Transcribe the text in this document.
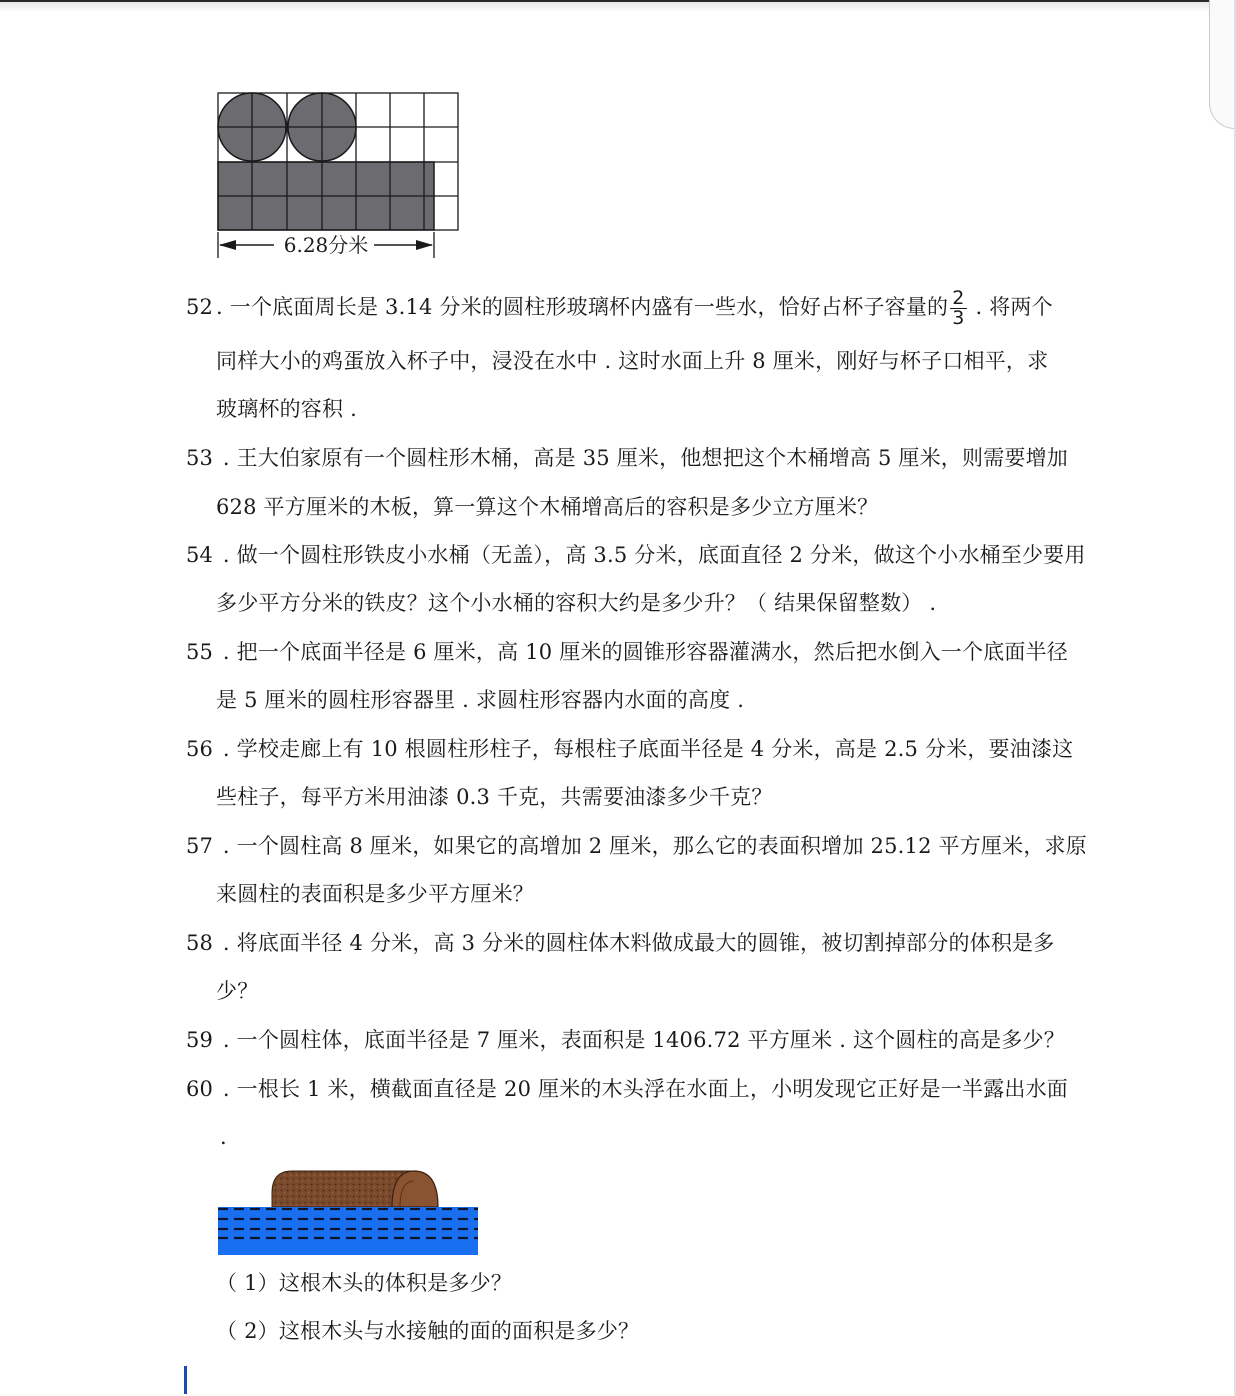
6.28分米
52 . 一个底面周长是 3.14 分米的圆柱形玻璃杯内盛有一些水，恰好占杯子容量的 $\frac{2}{3}$ . 将两个
同样大小的鸡蛋放入杯子中，浸没在水中 . 这时水面上升 8 厘米，刚好与杯子口相平，求
玻璃杯的容积 .
53 . 王大伯家原有一个圆柱形木桶，高是 35 厘米，他想把这个木桶增高 5 厘米，则需要增加
628 平方厘米的木板，算一算这个木桶增高后的容积是多少立方厘米？
54 . 做一个圆柱形铁皮小水桶（无盖），高 3.5 分米，底面直径 2 分米，做这个小水桶至少要用
多少平方分米的铁皮？这个小水桶的容积大约是多少升？（ 结果保留整数） .
55 . 把一个底面半径是 6 厘米，高 10 厘米的圆锥形容器灌满水，然后把水倒入一个底面半径
是 5 厘米的圆柱形容器里 . 求圆柱形容器内水面的高度 .
56 . 学校走廊上有 10 根圆柱形柱子，每根柱子底面半径是 4 分米，高是 2.5 分米，要油漆这
些柱子，每平方米用油漆 0.3 千克，共需要油漆多少千克？
57 . 一个圆柱高 8 厘米，如果它的高增加 2 厘米，那么它的表面积增加 25.12 平方厘米，求原
来圆柱的表面积是多少平方厘米？
58 . 将底面半径 4 分米，高 3 分米的圆柱体木料做成最大的圆锥，被切割掉部分的体积是多
少？
59 . 一个圆柱体，底面半径是 7 厘米，表面积是 1406.72 平方厘米 . 这个圆柱的高是多少？
60 . 一根长 1 米，横截面直径是 20 厘米的木头浮在水面上，小明发现它正好是一半露出水面
.
（ 1）这根木头的体积是多少？
（ 2）这根木头与水接触的面的面积是多少？
